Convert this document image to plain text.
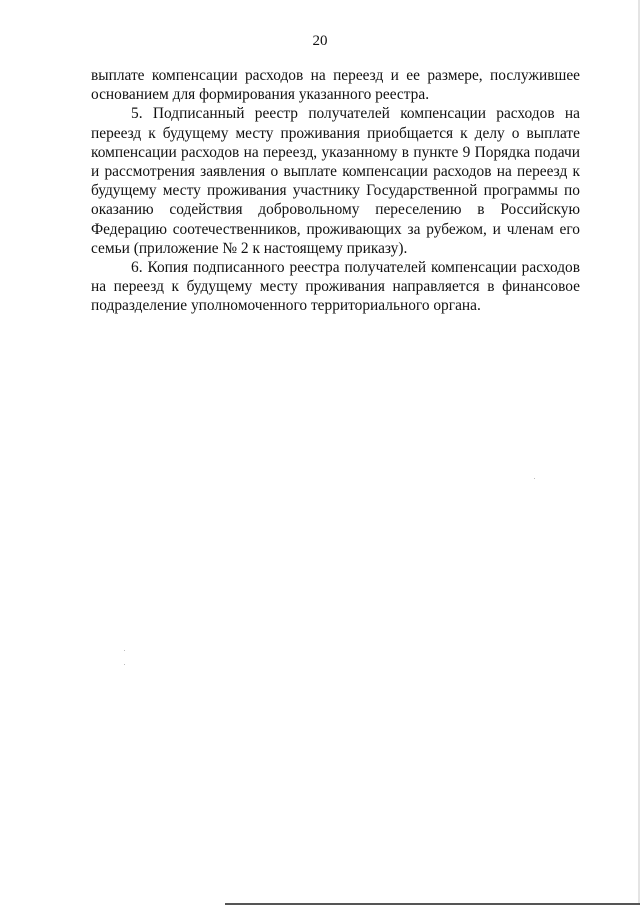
20

выплате компенсации расходов на переезд и ее размере, послужившее основанием для формирования указанного реестра.

5. Подписанный реестр получателей компенсации расходов на переезд к будущему месту проживания приобщается к делу о выплате компенсации расходов на переезд, указанному в пункте 9 Порядка подачи и рассмотрения заявления о выплате компенсации расходов на переезд к будущему месту проживания участнику Государственной программы по оказанию содействия добровольному переселению в Российскую Федерацию соотечественников, проживающих за рубежом, и членам его семьи (приложение № 2 к настоящему приказу).

6. Копия подписанного реестра получателей компенсации расходов на переезд к будущему месту проживания направляется в финансовое подразделение уполномоченного территориального органа.
